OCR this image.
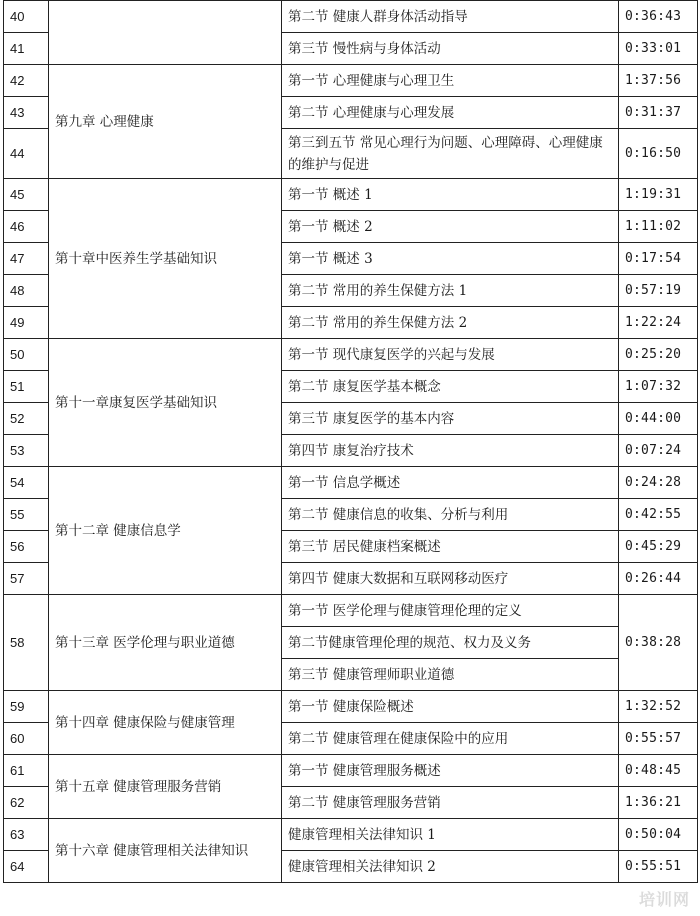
40		第二节 健康人群身体活动指导	0:36:43
41		第三节 慢性病与身体活动	0:33:01
42	第九章 心理健康	第一节 心理健康与心理卫生	1:37:56
43		第二节 心理健康与心理发展	0:31:37
44		第三到五节 常见心理行为问题、心理障碍、心理健康的维护与促进	0:16:50
45	第十章中医养生学基础知识	第一节 概述 1	1:19:31
46		第一节 概述 2	1:11:02
47		第一节 概述 3	0:17:54
48		第二节 常用的养生保健方法 1	0:57:19
49		第二节 常用的养生保健方法 2	1:22:24
50	第十一章康复医学基础知识	第一节 现代康复医学的兴起与发展	0:25:20
51		第二节 康复医学基本概念	1:07:32
52		第三节 康复医学的基本内容	0:44:00
53		第四节 康复治疗技术	0:07:24
54	第十二章 健康信息学	第一节 信息学概述	0:24:28
55		第二节 健康信息的收集、分析与利用	0:42:55
56		第三节 居民健康档案概述	0:45:29
57		第四节 健康大数据和互联网移动医疗	0:26:44
58	第十三章 医学伦理与职业道德	第一节 医学伦理与健康管理伦理的定义	0:38:28
		第二节健康管理伦理的规范、权力及义务	
		第三节 健康管理师职业道德	
59	第十四章 健康保险与健康管理	第一节 健康保险概述	1:32:52
60		第二节 健康管理在健康保险中的应用	0:55:57
61	第十五章 健康管理服务营销	第一节 健康管理服务概述	0:48:45
62		第二节 健康管理服务营销	1:36:21
63	第十六章 健康管理相关法律知识	健康管理相关法律知识 1	0:50:04
64		健康管理相关法律知识 2	0:55:51
培训网
